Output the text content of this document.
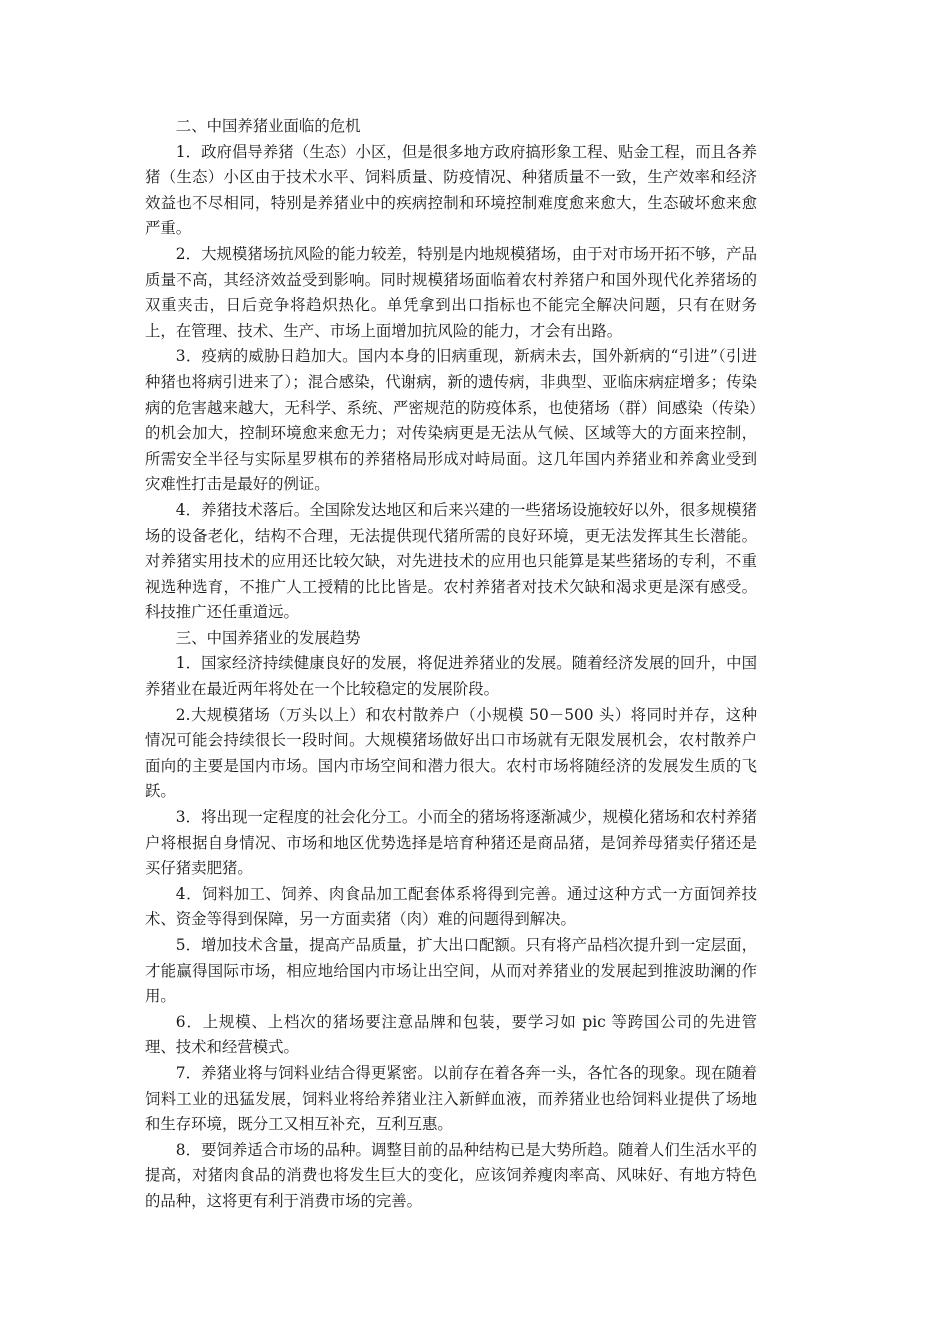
二、中国养猪业面临的危机

1．政府倡导养猪（生态）小区，但是很多地方政府搞形象工程、贴金工程，而且各养猪（生态）小区由于技术水平、饲料质量、防疫情况、种猪质量不一致，生产效率和经济效益也不尽相同，特别是养猪业中的疾病控制和环境控制难度愈来愈大，生态破坏愈来愈严重。

2．大规模猪场抗风险的能力较差，特别是内地规模猪场，由于对市场开拓不够，产品质量不高，其经济效益受到影响。同时规模猪场面临着农村养猪户和国外现代化养猪场的双重夹击，日后竞争将趋炽热化。单凭拿到出口指标也不能完全解决问题，只有在财务上，在管理、技术、生产、市场上面增加抗风险的能力，才会有出路。

3．疫病的威胁日趋加大。国内本身的旧病重现，新病未去，国外新病的“引进”（引进种猪也将病引进来了）；混合感染，代谢病，新的遗传病，非典型、亚临床病症增多；传染病的危害越来越大，无科学、系统、严密规范的防疫体系，也使猪场（群）间感染（传染）的机会加大，控制环境愈来愈无力；对传染病更是无法从气候、区域等大的方面来控制，所需安全半径与实际星罗棋布的养猪格局形成对峙局面。这几年国内养猪业和养禽业受到灾难性打击是最好的例证。

4．养猪技术落后。全国除发达地区和后来兴建的一些猪场设施较好以外，很多规模猪场的设备老化，结构不合理，无法提供现代猪所需的良好环境，更无法发挥其生长潜能。对养猪实用技术的应用还比较欠缺，对先进技术的应用也只能算是某些猪场的专利，不重视选种选育，不推广人工授精的比比皆是。农村养猪者对技术欠缺和渴求更是深有感受。科技推广还任重道远。

三、中国养猪业的发展趋势

1．国家经济持续健康良好的发展，将促进养猪业的发展。随着经济发展的回升，中国养猪业在最近两年将处在一个比较稳定的发展阶段。

2.大规模猪场（万头以上）和农村散养户（小规模 50－500 头）将同时并存，这种情况可能会持续很长一段时间。大规模猪场做好出口市场就有无限发展机会，农村散养户面向的主要是国内市场。国内市场空间和潜力很大。农村市场将随经济的发展发生质的飞跃。

3．将出现一定程度的社会化分工。小而全的猪场将逐渐减少，规模化猪场和农村养猪户将根据自身情况、市场和地区优势选择是培育种猪还是商品猪，是饲养母猪卖仔猪还是买仔猪卖肥猪。

4．饲料加工、饲养、肉食品加工配套体系将得到完善。通过这种方式一方面饲养技术、资金等得到保障，另一方面卖猪（肉）难的问题得到解决。

5．增加技术含量，提高产品质量，扩大出口配额。只有将产品档次提升到一定层面，才能赢得国际市场，相应地给国内市场让出空间，从而对养猪业的发展起到推波助澜的作用。

6．上规模、上档次的猪场要注意品牌和包装，要学习如 pic 等跨国公司的先进管理、技术和经营模式。

7．养猪业将与饲料业结合得更紧密。以前存在着各奔一头，各忙各的现象。现在随着饲料工业的迅猛发展，饲料业将给养猪业注入新鲜血液，而养猪业也给饲料业提供了场地和生存环境，既分工又相互补充，互利互惠。

8．要饲养适合市场的品种。调整目前的品种结构已是大势所趋。随着人们生活水平的提高，对猪肉食品的消费也将发生巨大的变化，应该饲养瘦肉率高、风味好、有地方特色的品种，这将更有利于消费市场的完善。
